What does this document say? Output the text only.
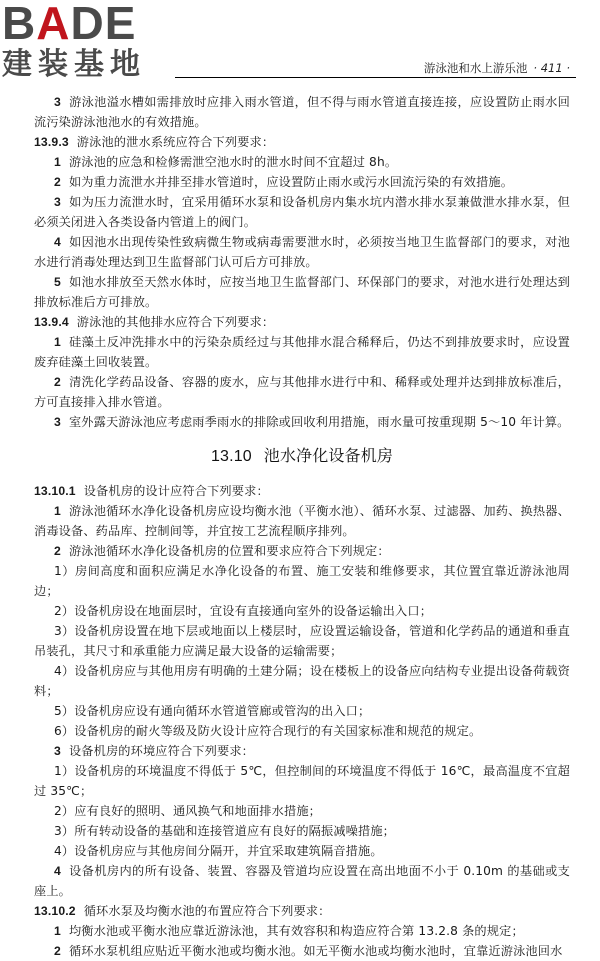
BADE
建装基地	游泳池和水上游乐池 · 411 ·

3 游泳池溢水槽如需排放时应排入雨水管道，但不得与雨水管道直接连接，应设置防止雨水回流污染游泳池池水的有效措施。

13.9.3 游泳池的泄水系统应符合下列要求：

1 游泳池的应急和检修需泄空池水时的泄水时间不宜超过 8h。

2 如为重力流泄水并排至排水管道时，应设置防止雨水或污水回流污染的有效措施。

3 如为压力流泄水时，宜采用循环水泵和设备机房内集水坑内潜水排水泵兼做泄水排水泵，但必须关闭进入各类设备内管道上的阀门。

4 如因池水出现传染性致病微生物或病毒需要泄水时，必须按当地卫生监督部门的要求，对池水进行消毒处理达到卫生监督部门认可后方可排放。

5 如池水排放至天然水体时，应按当地卫生监督部门、环保部门的要求，对池水进行处理达到排放标准后方可排放。

13.9.4 游泳池的其他排水应符合下列要求：

1 硅藻土反冲洗排水中的污染杂质经过与其他排水混合稀释后，仍达不到排放要求时，应设置废弃硅藻土回收装置。

2 清洗化学药品设备、容器的废水，应与其他排水进行中和、稀释或处理并达到排放标准后，方可直接排入排水管道。

3 室外露天游泳池应考虑雨季雨水的排除或回收利用措施，雨水量可按重现期 5～10 年计算。

13.10 池水净化设备机房

13.10.1 设备机房的设计应符合下列要求：

1 游泳池循环水净化设备机房应设均衡水池（平衡水池）、循环水泵、过滤器、加药、换热器、消毒设备、药品库、控制间等，并宜按工艺流程顺序排列。

2 游泳池循环水净化设备机房的位置和要求应符合下列规定：

1）房间高度和面积应满足水净化设备的布置、施工安装和维修要求，其位置宜靠近游泳池周边；

2）设备机房设在地面层时，宜设有直接通向室外的设备运输出入口；

3）设备机房设置在地下层或地面以上楼层时，应设置运输设备，管道和化学药品的通道和垂直吊装孔，其尺寸和承重能力应满足最大设备的运输需要；

4）设备机房应与其他用房有明确的土建分隔；设在楼板上的设备应向结构专业提出设备荷载资料；

5）设备机房应设有通向循环水管道管廊或管沟的出入口；

6）设备机房的耐火等级及防火设计应符合现行的有关国家标准和规范的规定。

3 设备机房的环境应符合下列要求：

1）设备机房的环境温度不得低于 5℃，但控制间的环境温度不得低于 16℃，最高温度不宜超过 35℃；

2）应有良好的照明、通风换气和地面排水措施；

3）所有转动设备的基础和连接管道应有良好的隔振减噪措施；

4）设备机房应与其他房间分隔开，并宜采取建筑隔音措施。

4 设备机房内的所有设备、装置、容器及管道均应设置在高出地面不小于 0.10m 的基础或支座上。

13.10.2 循环水泵及均衡水池的布置应符合下列要求：

1 均衡水池或平衡水池应靠近游泳池，其有效容积和构造应符合第 13.2.8 条的规定；

2 循环水泵机组应贴近平衡水池或均衡水池。如无平衡水池或均衡水池时，宜靠近游泳池回水
